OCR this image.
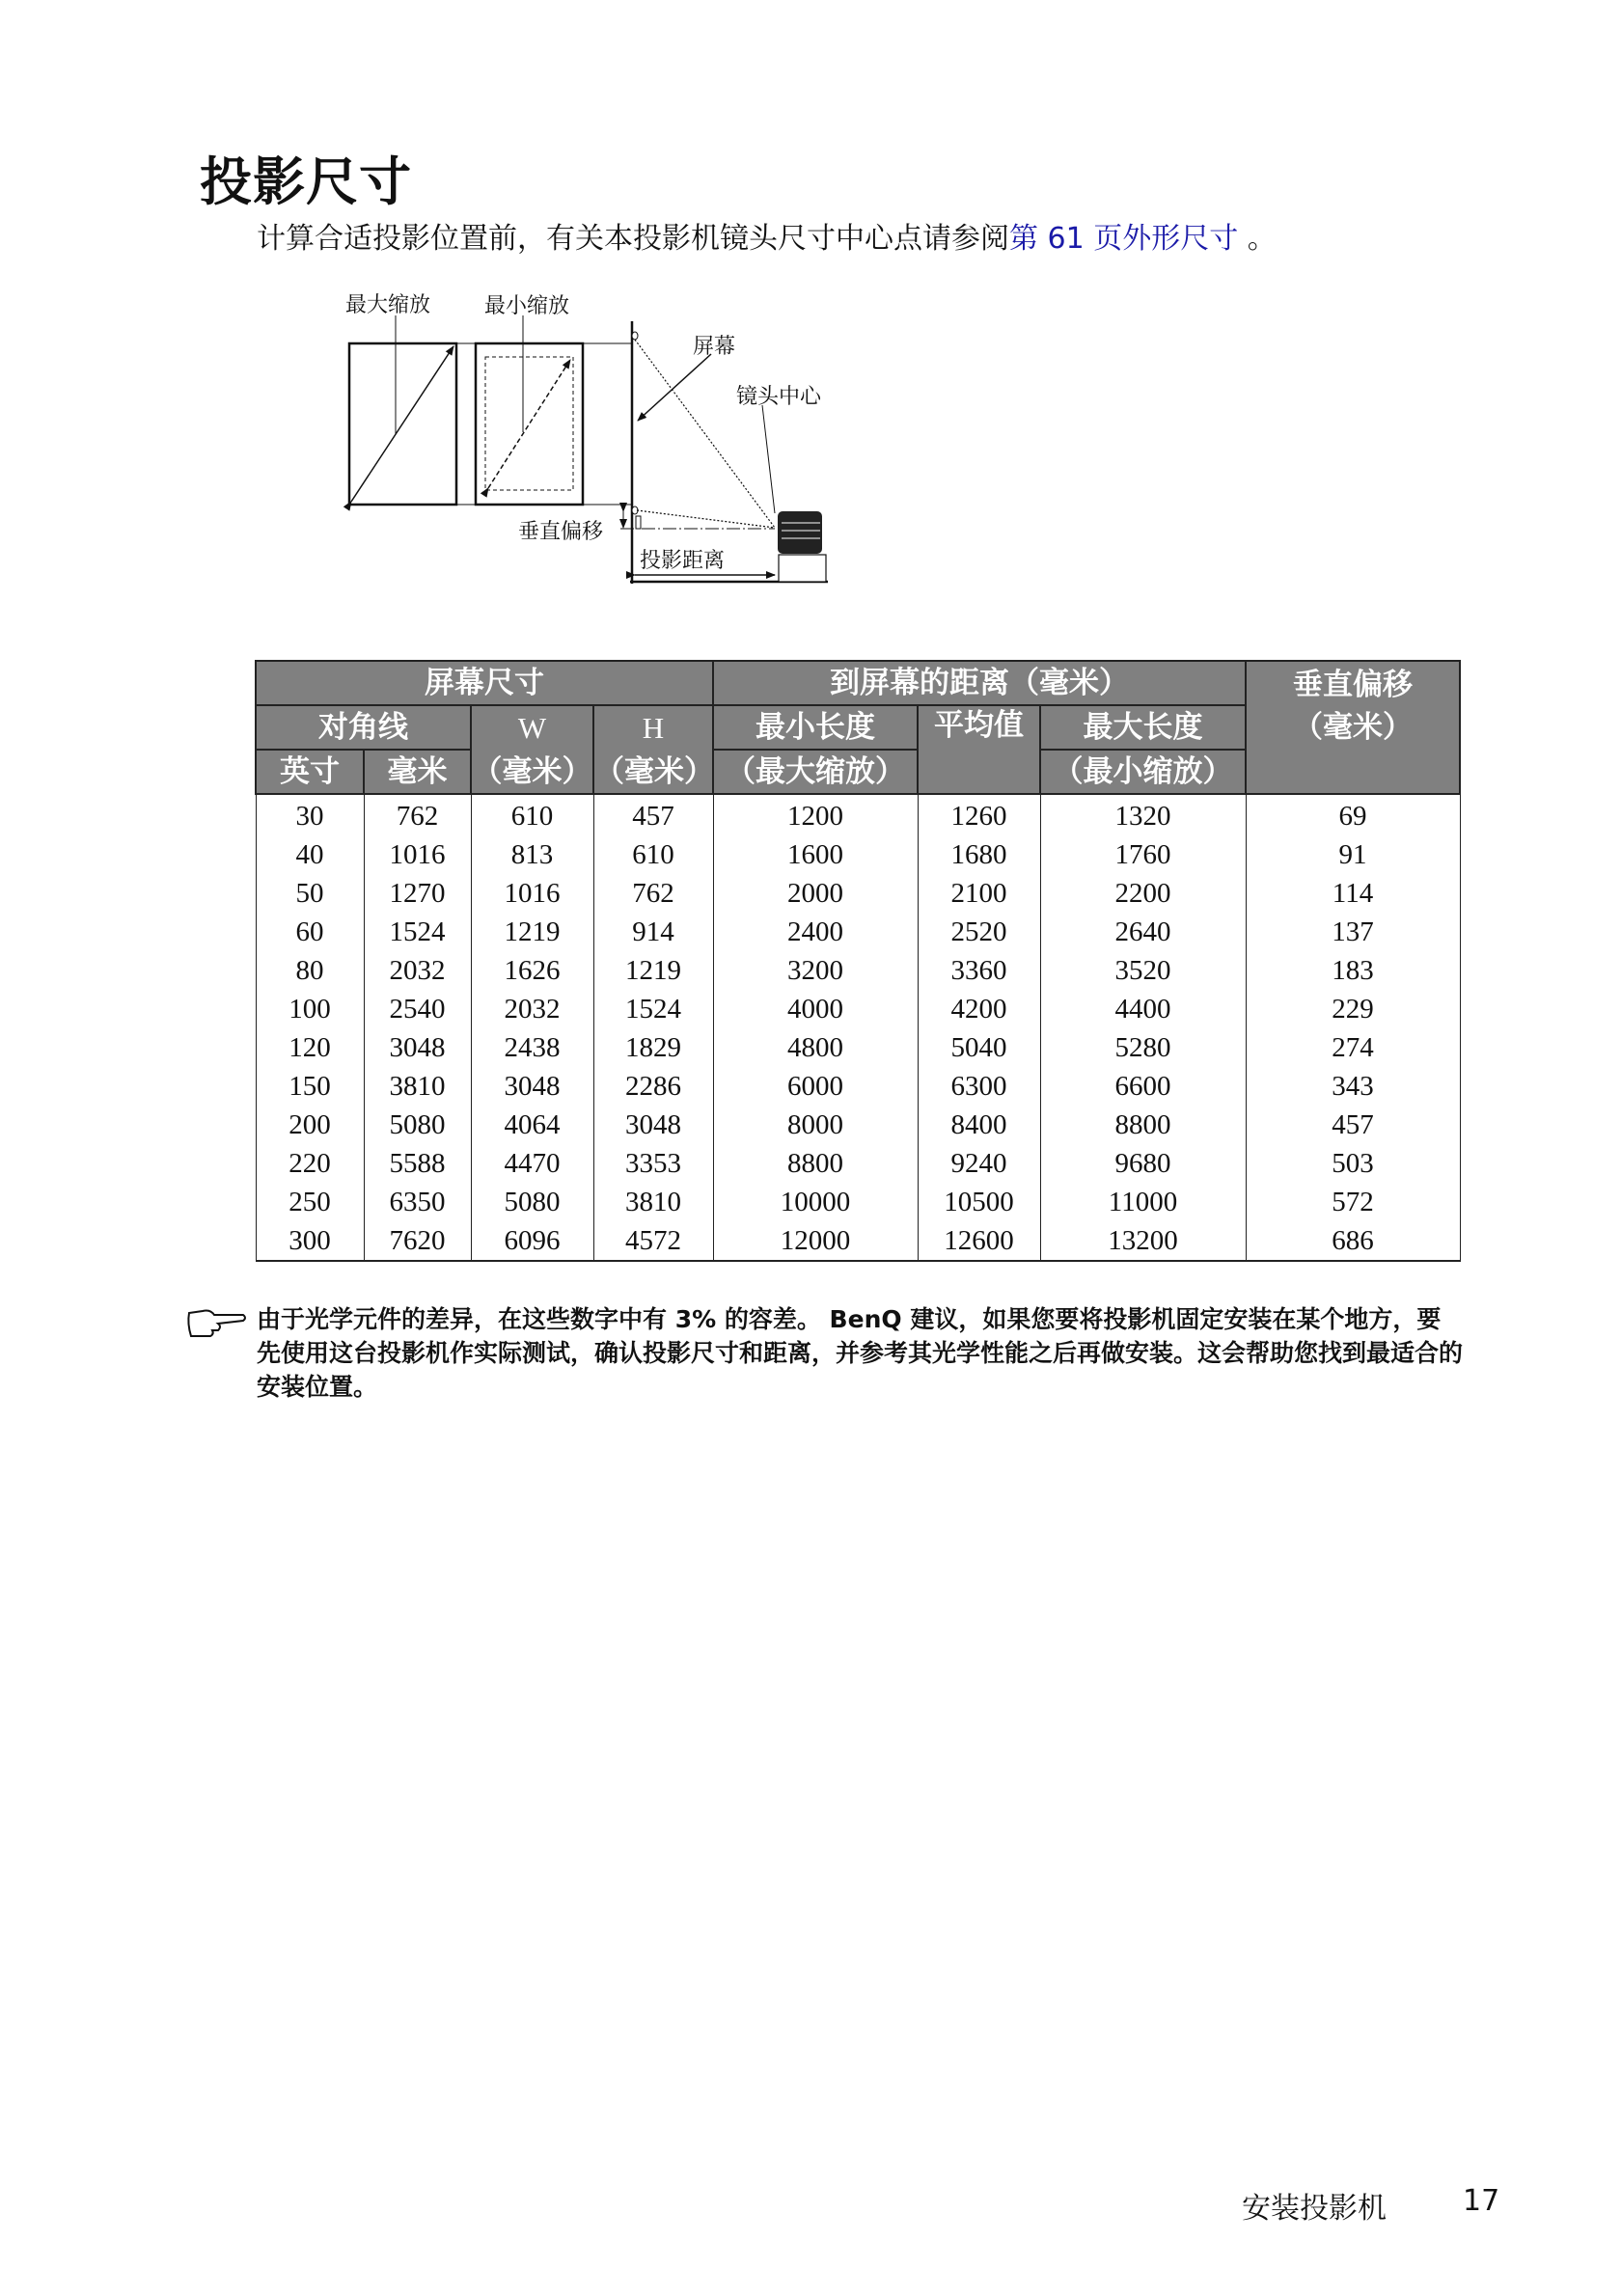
投影尺寸
计算合适投影位置前，有关本投影机镜头尺寸中心点请参阅第 61 页外形尺寸 。
最大缩放	最小缩放
屏幕
镜头中心
垂直偏移
投影距离
屏幕尺寸				到屏幕的距离（毫米）			垂直偏移
（毫米）

对角线		W	H	最小长度	平均值	最大长度	
英寸	毫米	（毫米）	（毫米）	（最大缩放）		（最小缩放）	
30	762	610	457	1200	1260	1320	69
40	1016	813	610	1600	1680	1760	91
50	1270	1016	762	2000	2100	2200	114
60	1524	1219	914	2400	2520	2640	137
80	2032	1626	1219	3200	3360	3520	183
100	2540	2032	1524	4000	4200	4400	229
120	3048	2438	1829	4800	5040	5280	274
150	3810	3048	2286	6000	6300	6600	343
200	5080	4064	3048	8000	8400	8800	457
220	5588	4470	3353	8800	9240	9680	503
250	6350	5080	3810	10000	10500	11000	572
300	7620	6096	4572	12000	12600	13200	686
由于光学元件的差异，在这些数字中有 3% 的容差。 BenQ 建议，如果您要将投影机固定安装在某个地方，要先使用这台投影机作实际测试，确认投影尺寸和距离，并参考其光学性能之后再做安装。这会帮助您找到最适合的安装位置。
安装投影机	17
